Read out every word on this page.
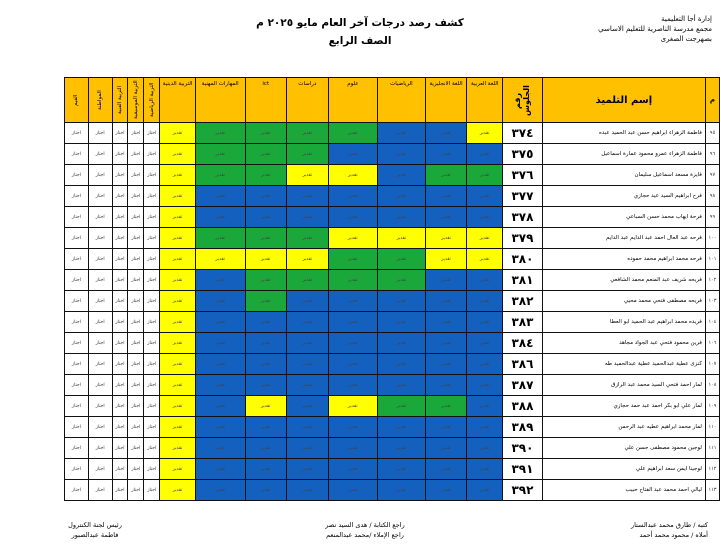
إدارة أجا التعليمية
مجمع مدرسة الناصرية للتعليم الاساسي
بصهرجت الصغرى
كشف رصد درجات آخر العام مايو ٢٠٢٥ م
الصف الرابع
القيم	المواطنة	التربية الفنية	التربية الموسيقية	التربية الرياضية	التربية الدينية	المهارات المهنية	ict	دراسات	علوم	الرياضيات	اللغة الانجليزية	اللغة العربية	رقم الجلوس	إسم التلميذ	م
اجتاز	اجتاز	اجتاز	اجتاز	اجتاز	تقدير	تقدير	تقدير	تقدير	تقدير	تقدير	تقدير	تقدير	٣٧٤	فاطمة الزهراء ابراهيم حسن عبد الحميد عبده	٩٥
اجتاز	اجتاز	اجتاز	اجتاز	اجتاز	تقدير	تقدير	تقدير	تقدير	تقدير	تقدير	تقدير	تقدير	٣٧٥	فاطمة الزهراء عمرو محمود عمارة اسماعيل	٩٦
اجتاز	اجتاز	اجتاز	اجتاز	اجتاز	تقدير	تقدير	تقدير	تقدير	تقدير	تقدير	تقدير	تقدير	٣٧٦	فايزة مسعد اسماعيل سليمان	٩٧
اجتاز	اجتاز	اجتاز	اجتاز	اجتاز	تقدير	تقدير	تقدير	تقدير	تقدير	تقدير	تقدير	تقدير	٣٧٧	فرح ابراهيم السيد عيد حجازي	٩٨
اجتاز	اجتاز	اجتاز	اجتاز	اجتاز	تقدير	تقدير	تقدير	تقدير	تقدير	تقدير	تقدير	تقدير	٣٧٨	فرحة ايهاب محمد حسن السباعي	٩٩
اجتاز	اجتاز	اجتاز	اجتاز	اجتاز	تقدير	تقدير	تقدير	تقدير	تقدير	تقدير	تقدير	تقدير	٣٧٩	فرحه عبد العال احمد عبد الدايم عبد الدايم	١٠٠
اجتاز	اجتاز	اجتاز	اجتاز	اجتاز	تقدير	تقدير	تقدير	تقدير	تقدير	تقدير	تقدير	تقدير	٣٨٠	فرحه محمد ابراهيم محمد حموده	١٠١
اجتاز	اجتاز	اجتاز	اجتاز	اجتاز	تقدير	تقدير	تقدير	تقدير	تقدير	تقدير	تقدير	تقدير	٣٨١	فريحه شريف عبد المنعم محمد الشافعي	١٠٢
اجتاز	اجتاز	اجتاز	اجتاز	اجتاز	تقدير	تقدير	تقدير	تقدير	تقدير	تقدير	تقدير	تقدير	٣٨٢	فريحه مصطفى فتحي محمد محيي	١٠٣
اجتاز	اجتاز	اجتاز	اجتاز	اجتاز	تقدير	تقدير	تقدير	تقدير	تقدير	تقدير	تقدير	تقدير	٣٨٣	فريده محمد ابراهيم عبد الحميد ابو العطا	١٠٤
اجتاز	اجتاز	اجتاز	اجتاز	اجتاز	تقدير	تقدير	تقدير	تقدير	تقدير	تقدير	تقدير	تقدير	٣٨٤	فرين محمود فتحي عبد الجواد مجاهد	١٠٦
اجتاز	اجتاز	اجتاز	اجتاز	اجتاز	تقدير	تقدير	تقدير	تقدير	تقدير	تقدير	تقدير	تقدير	٣٨٦	كنزى عطية عبدالحميد عطية عبدالحميد طه	١٠٧
اجتاز	اجتاز	اجتاز	اجتاز	اجتاز	تقدير	تقدير	تقدير	تقدير	تقدير	تقدير	تقدير	تقدير	٣٨٧	لمار احمد فتحي السيد محمد عبد الرازق	١٠٨
اجتاز	اجتاز	اجتاز	اجتاز	اجتاز	تقدير	تقدير	تقدير	تقدير	تقدير	تقدير	تقدير	تقدير	٣٨٨	لمار علي ابو بكر احمد عبد حمد حجازي	١٠٩
اجتاز	اجتاز	اجتاز	اجتاز	اجتاز	تقدير	تقدير	تقدير	تقدير	تقدير	تقدير	تقدير	تقدير	٣٨٩	لمار محمد ابراهيم عطيه عبد الرحمن	١١٠
اجتاز	اجتاز	اجتاز	اجتاز	اجتاز	تقدير	تقدير	تقدير	تقدير	تقدير	تقدير	تقدير	تقدير	٣٩٠	لوجين محمود مصطفى حسن علي	١١١
اجتاز	اجتاز	اجتاز	اجتاز	اجتاز	تقدير	تقدير	تقدير	تقدير	تقدير	تقدير	تقدير	تقدير	٣٩١	لوجينا ايمن سعد ابراهيم علي	١١٢
اجتاز	اجتاز	اجتاز	اجتاز	اجتاز	تقدير	تقدير	تقدير	تقدير	تقدير	تقدير	تقدير	تقدير	٣٩٢	ليالي احمد محمد عبد الفتاح حبيب	١١٣
كتبه / طارق محمد عبدالستار
أملاه / محمود محمد أحمد
راجع الكتابة / هدى السيد نصر
راجع الإملاء /محمد عبدالمنعم
رئيس لجنة الكنترول
فاطمة عبدالصبور
